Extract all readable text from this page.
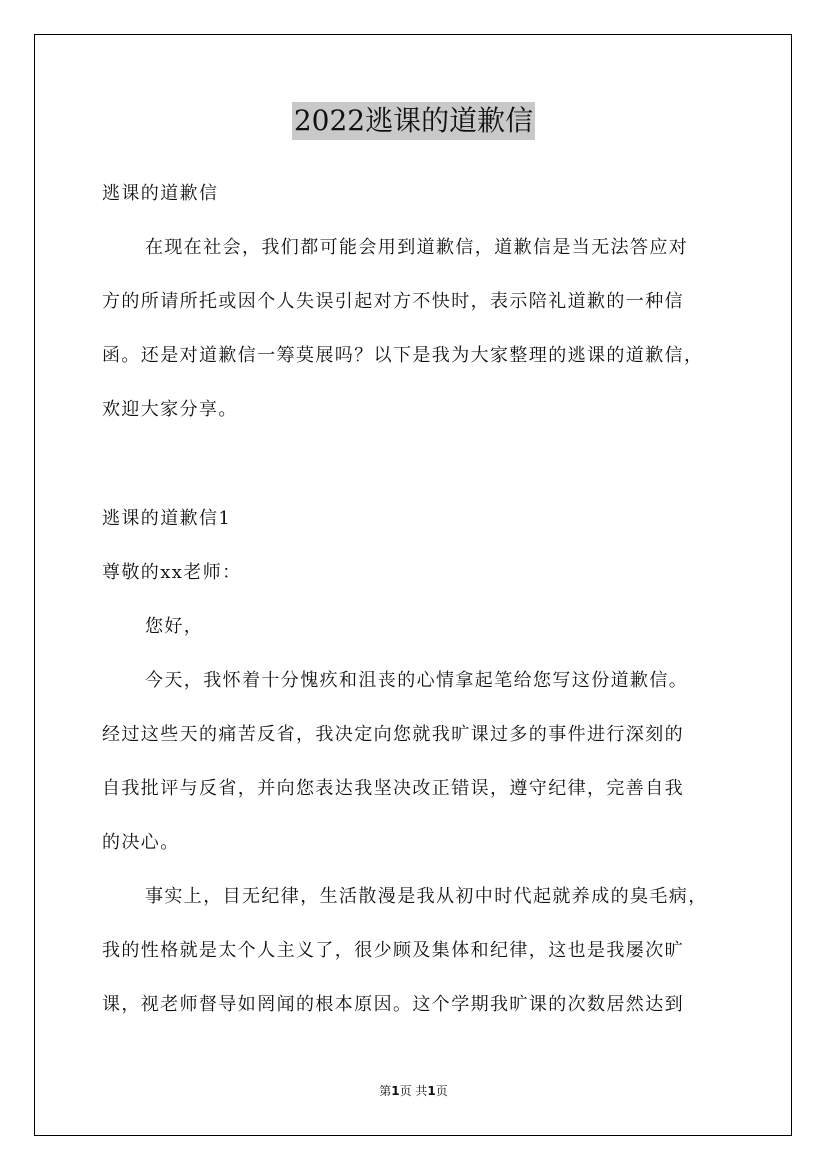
2022逃课的道歉信
逃课的道歉信
在现在社会，我们都可能会用到道歉信，道歉信是当无法答应对
方的所请所托或因个人失误引起对方不快时，表示陪礼道歉的一种信
函。还是对道歉信一筹莫展吗？以下是我为大家整理的逃课的道歉信，
欢迎大家分享。
逃课的道歉信1
尊敬的xx老师：
您好，
今天，我怀着十分愧疚和沮丧的心情拿起笔给您写这份道歉信。
经过这些天的痛苦反省，我决定向您就我旷课过多的事件进行深刻的
自我批评与反省，并向您表达我坚决改正错误，遵守纪律，完善自我
的决心。
事实上，目无纪律，生活散漫是我从初中时代起就养成的臭毛病，
我的性格就是太个人主义了，很少顾及集体和纪律，这也是我屡次旷
课，视老师督导如罔闻的根本原因。这个学期我旷课的次数居然达到
第1页 共1页
